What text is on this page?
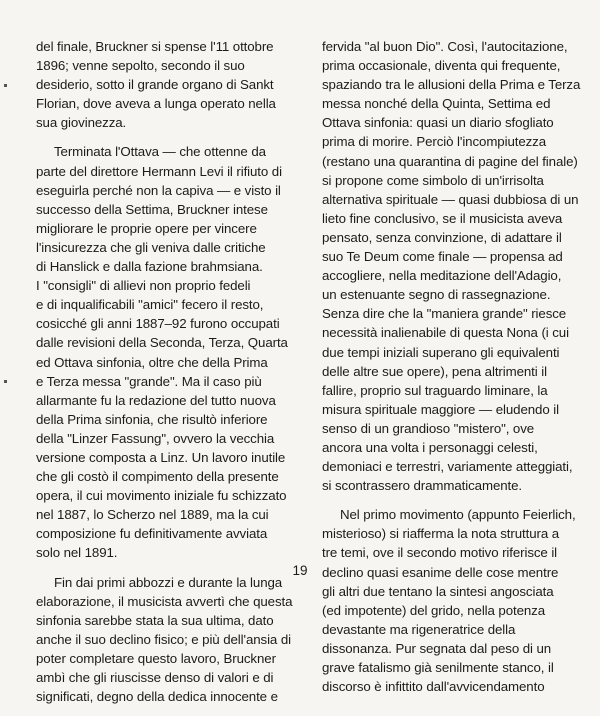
del finale, Bruckner si spense l'11 ottobre

1896; venne sepolto, secondo il suo

desiderio, sotto il grande organo di Sankt

Florian, dove aveva a lunga operato nella

sua giovinezza.

Terminata l'Ottava — che ottenne da

parte del direttore Hermann Levi il rifiuto di

eseguirla perché non la capiva — e visto il

successo della Settima, Bruckner intese

migliorare le proprie opere per vincere

l'insicurezza che gli veniva dalle critiche

di Hanslick e dalla fazione brahmsiana.

I "consigli" di allievi non proprio fedeli

e di inqualificabili "amici" fecero il resto,

cosicché gli anni 1887–92 furono occupati

dalle revisioni della Seconda, Terza, Quarta

ed Ottava sinfonia, oltre che della Prima

e Terza messa "grande". Ma il caso più

allarmante fu la redazione del tutto nuova

della Prima sinfonia, che risultò inferiore

della "Linzer Fassung", ovvero la vecchia

versione composta a Linz. Un lavoro inutile

che gli costò il compimento della presente

opera, il cui movimento iniziale fu schizzato

nel 1887, lo Scherzo nel 1889, ma la cui

composizione fu definitivamente avviata

solo nel 1891.

Fin dai primi abbozzi e durante la lunga

elaborazione, il musicista avvertì che questa

sinfonia sarebbe stata la sua ultima, dato

anche il suo declino fisico; e più dell'ansia di

poter completare questo lavoro, Bruckner

ambì che gli riuscisse denso di valori e di

significati, degno della dedica innocente e

fervida "al buon Dio". Così, l'autocitazione,

prima occasionale, diventa qui frequente,

spaziando tra le allusioni della Prima e Terza

messa nonché della Quinta, Settima ed

Ottava sinfonia: quasi un diario sfogliato

prima di morire. Perciò l'incompiutezza

(restano una quarantina di pagine del finale)

si propone come simbolo di un'irrisolta

alternativa spirituale — quasi dubbiosa di un

lieto fine conclusivo, se il musicista aveva

pensato, senza convinzione, di adattare il

suo Te Deum come finale — propensa ad

accogliere, nella meditazione dell'Adagio,

un estenuante segno di rassegnazione.

Senza dire che la "maniera grande" riesce

necessità inalienabile di questa Nona (i cui

due tempi iniziali superano gli equivalenti

delle altre sue opere), pena altrimenti il

fallire, proprio sul traguardo liminare, la

misura spirituale maggiore — eludendo il

senso di un grandioso "mistero", ove

ancora una volta i personaggi celesti,

demoniaci e terrestri, variamente atteggiati,

si scontrassero drammaticamente.

Nel primo movimento (appunto Feierlich,

misterioso) si riafferma la nota struttura a

tre temi, ove il secondo motivo riferisce il

declino quasi esanime delle cose mentre

gli altri due tentano la sintesi angosciata

(ed impotente) del grido, nella potenza

devastante ma rigeneratrice della

dissonanza. Pur segnata dal peso di un

grave fatalismo già senilmente stanco, il

discorso è infittito dall'avvicendamento

19
